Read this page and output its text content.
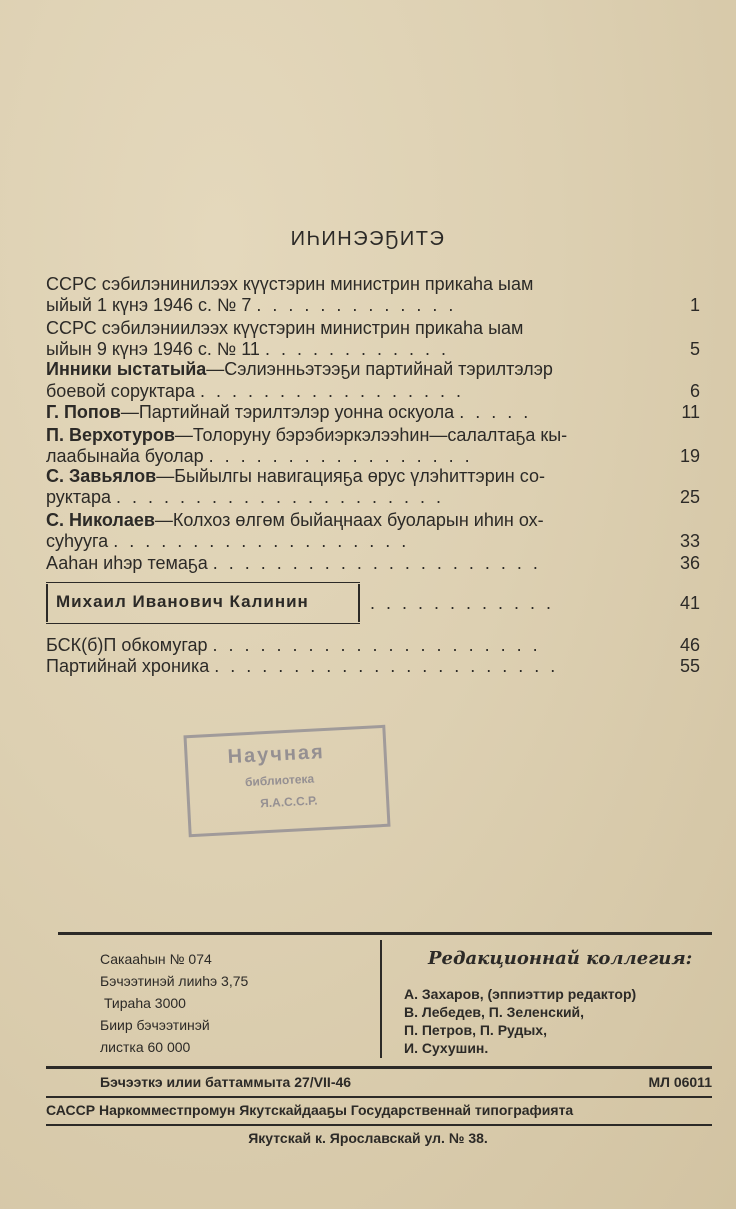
ИҺИНЭЭҔИТЭ
ССРС сэбилэнинилээх күүстэрин министрин прикаһа ыам
ыйый 1 күнэ 1946 с. № 7 . . . . . . . . . . . . .	1
ССРС сэбилэниилээх күүстэрин министрин прикаһа ыам
ыйын 9 күнэ 1946 с. № 11 . . . . . . . . . . . .	5
Инники ыстатыйа—Сэлиэнньэтээҕи партийнай тэрилтэлэр
боевой соруктара . . . . . . . . . . . . . . . . .	6
Г. Попов—Партийнай тэрилтэлэр уонна оскуола . . . . .	11
П. Верхотуров—Толоруну бэрэбиэркэлээһин—салалтаҕа кы-
лаабынайа буолар . . . . . . . . . . . . . . . . .	19
С. Завьялов—Быйылгы навигацияҕа өрус үлэһиттэрин со-
руктара . . . . . . . . . . . . . . . . . . . . .	25
С. Николаев—Колхоз өлгөм быйаңнаах буоларын иһин ох-
суһууга . . . . . . . . . . . . . . . . . . .	33
Ааһан иһэр темаҕа . . . . . . . . . . . . . . . . . . . . .	36
Михаил Иванович Калинин	. . . . . . . . . . . .	41
БСК(б)П обкомугар . . . . . . . . . . . . . . . . . . . . .	46
Партийнай хроника . . . . . . . . . . . . . . . . . . . . . .	55
Научная
библиотека
Я.А.С.С.Р.
Сакааһын № 074
Бэчээтинэй лииһэ 3,75
Тираһа 3000
Биир бэчээтинэй
листка 60 000
Редакционнай коллегия:
А. Захаров, (эппиэттир редактор)
В. Лебедев, П. Зеленский,
П. Петров, П. Рудых,
И. Сухушин.
Бэчээткэ илии баттаммыта 27/VII-46	МЛ 06011
САССР Наркомместпромун Якутскайдааҕы Государственнай типографията
Якутскай к. Ярославскай ул. № 38.
